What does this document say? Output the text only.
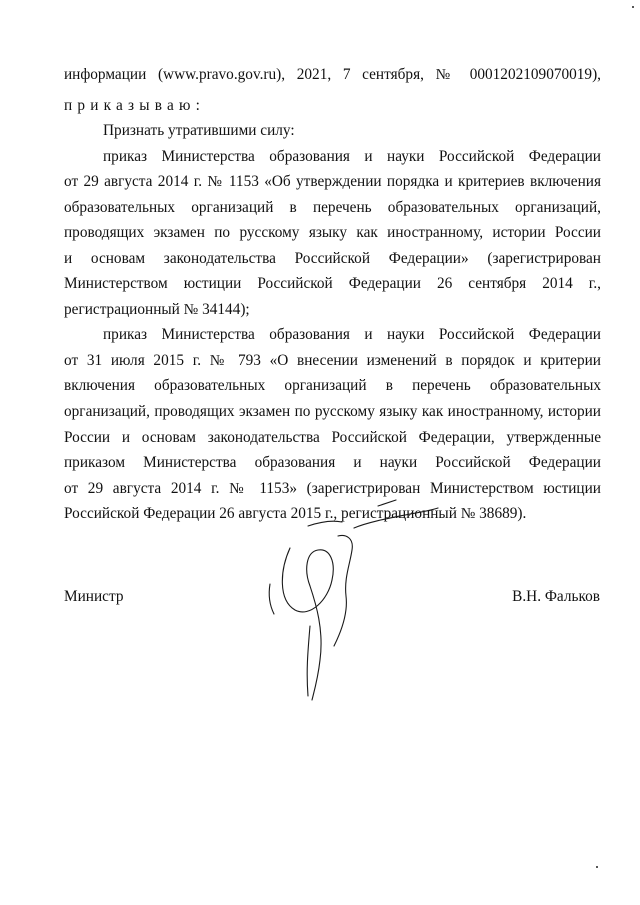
информации (www.pravo.gov.ru), 2021, 7 сентября, № 0001202109070019),
приказываю:
Признать утратившими силу:
приказ Министерства образования и науки Российской Федерации
от 29 августа 2014 г. № 1153 «Об утверждении порядка и критериев включения
образовательных организаций в перечень образовательных организаций,
проводящих экзамен по русскому языку как иностранному, истории России
и основам законодательства Российской Федерации» (зарегистрирован
Министерством юстиции Российской Федерации 26 сентября 2014 г.,
регистрационный № 34144);
приказ Министерства образования и науки Российской Федерации
от 31 июля 2015 г. № 793 «О внесении изменений в порядок и критерии
включения образовательных организаций в перечень образовательных
организаций, проводящих экзамен по русскому языку как иностранному, истории
России и основам законодательства Российской Федерации, утвержденные
приказом Министерства образования и науки Российской Федерации
от 29 августа 2014 г. № 1153» (зарегистрирован Министерством юстиции
Российской Федерации 26 августа 2015 г., регистрационный № 38689).
Министр	В.Н. Фальков
